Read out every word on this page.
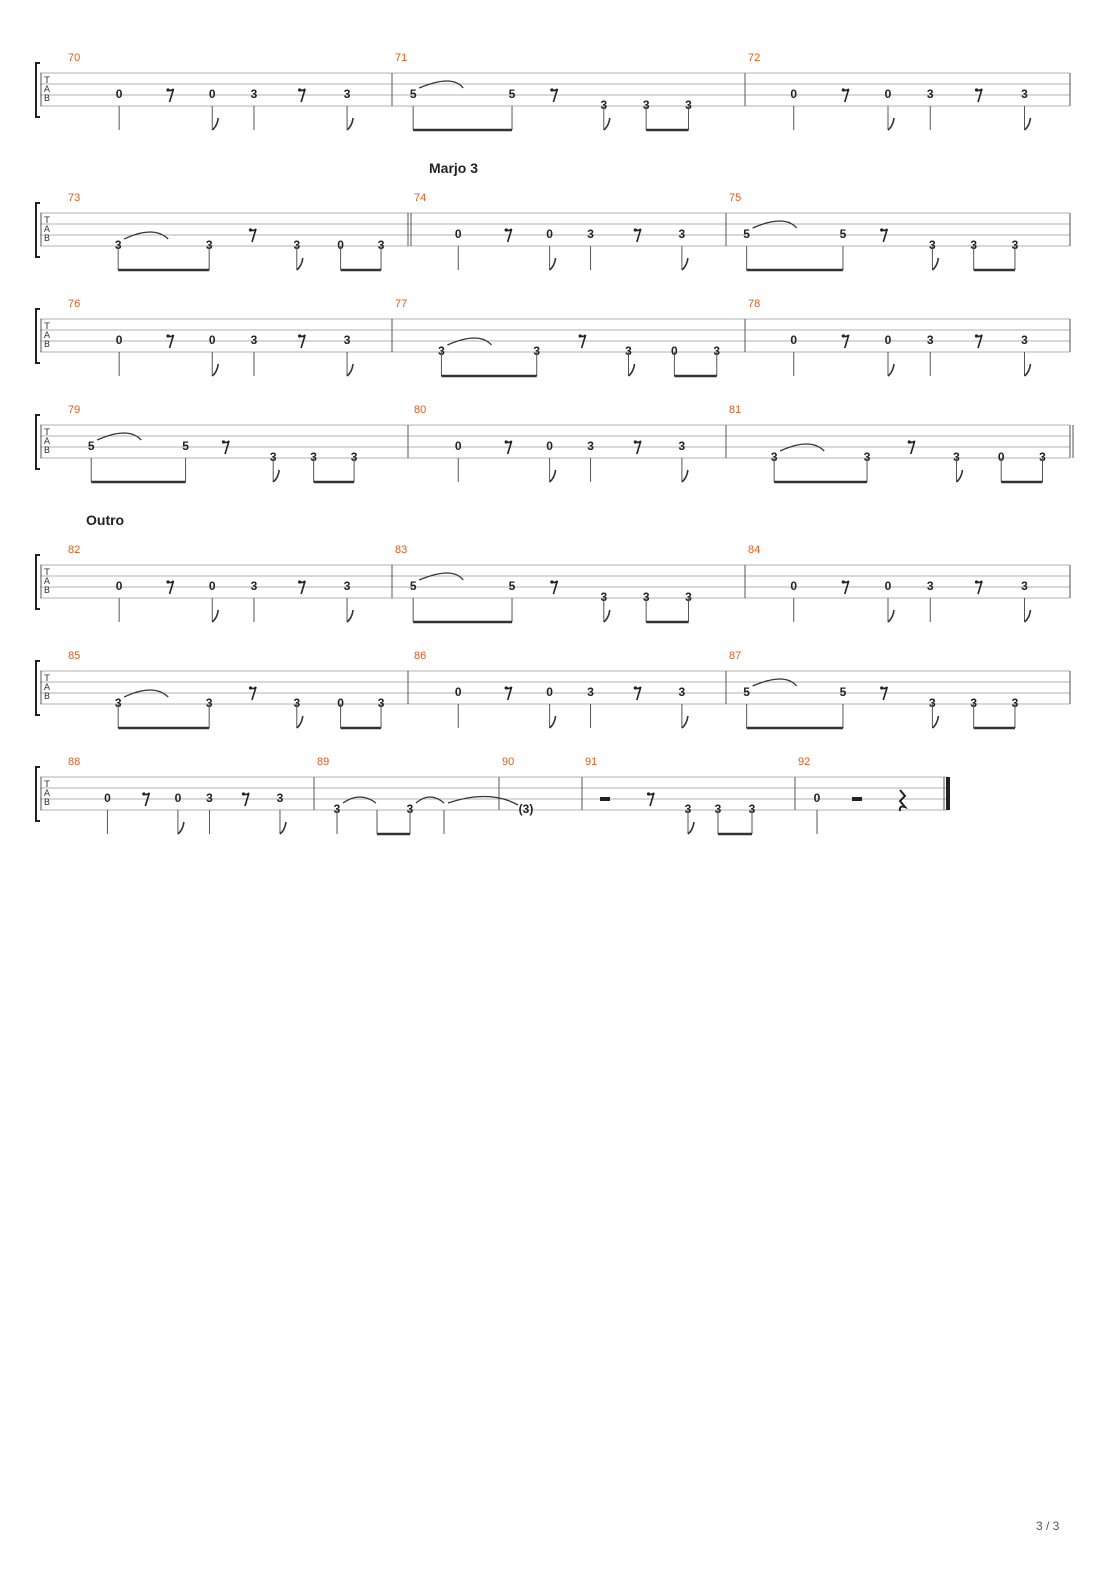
T
A
B
70
0	0	3	3
71
5	5
3	3	3
72
0	0	3	3
T
A
B
73
3	3	3	0	3
74
0	0	3	3
75
5	5
3	3	3
T
A
B
76
0	0	3	3
77
3	3	3	0	3
78
0	0	3	3
T
A
B
79
5	5
3	3	3
80
0	0	3	3
81
3	3	3	0	3
T
A
B
82
0	0	3	3
83
5	5
3	3	3
84
0	0	3	3
T
A
B
85
3	3	3	0	3
86
0	0	3	3
87
5	5
3	3	3
T
A
B
88
0	0 3	3
89
3	3
90
(3)
91
3 3 3
92
0
Marjo 3
Outro
3 / 3
